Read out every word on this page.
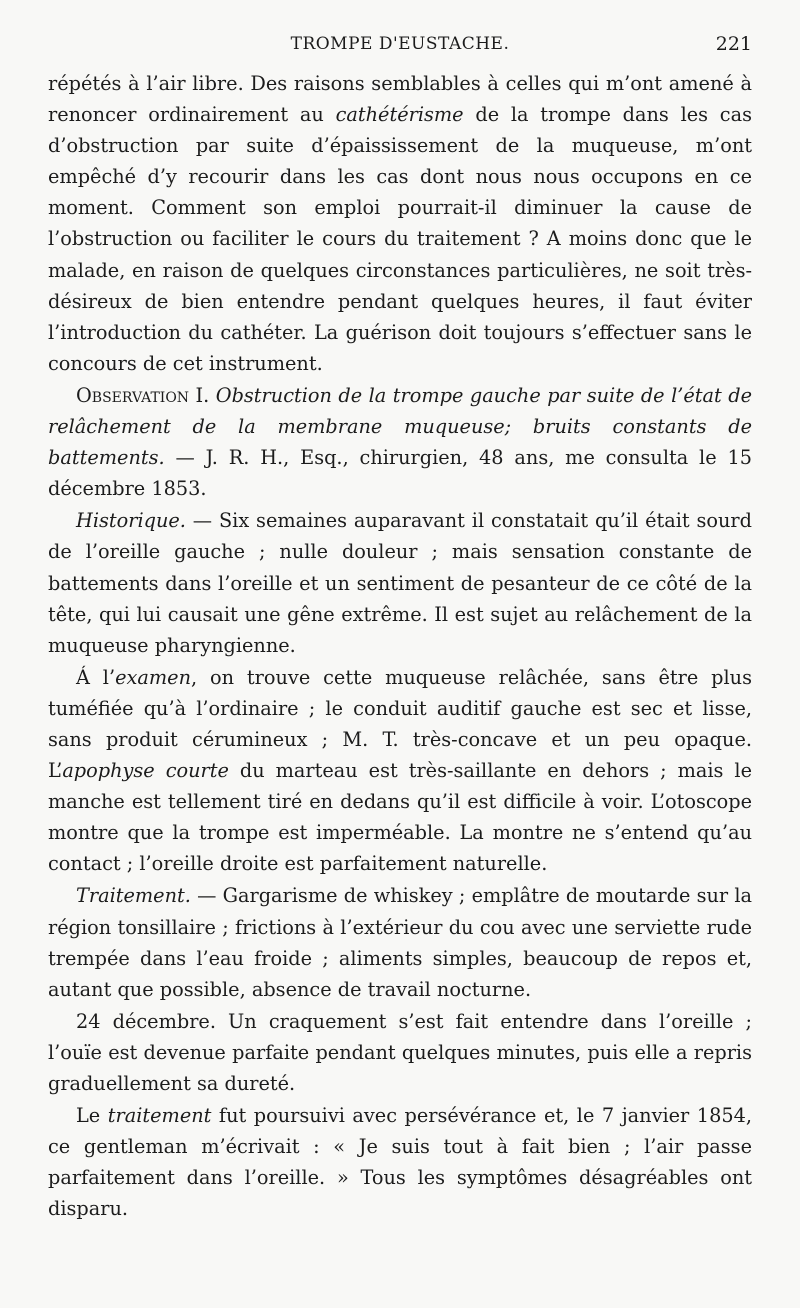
TROMPE D'EUSTACHE.	221

répétés à l’air libre. Des raisons semblables à celles qui m’ont amené à renoncer ordinairement au cathétérisme de la trompe dans les cas d’obstruction par suite d’épaississement de la muqueuse, m’ont empêché d’y recourir dans les cas dont nous nous occupons en ce moment. Comment son emploi pourrait-il diminuer la cause de l’obstruction ou faciliter le cours du traitement ? A moins donc que le malade, en raison de quelques circonstances particulières, ne soit très-désireux de bien entendre pendant quelques heures, il faut éviter l’introduction du cathéter. La guérison doit toujours s’effectuer sans le concours de cet instrument.

Observation I. Obstruction de la trompe gauche par suite de l’état de relâchement de la membrane muqueuse; bruits constants de battements. — J. R. H., Esq., chirurgien, 48 ans, me consulta le 15 décembre 1853.

Historique. — Six semaines auparavant il constatait qu’il était sourd de l’oreille gauche ; nulle douleur ; mais sensation constante de battements dans l’oreille et un sentiment de pesanteur de ce côté de la tête, qui lui causait une gêne extrême. Il est sujet au relâchement de la muqueuse pharyngienne.

Á l’examen, on trouve cette muqueuse relâchée, sans être plus tuméfiée qu’à l’ordinaire ; le conduit auditif gauche est sec et lisse, sans produit cérumineux ; M. T. très-concave et un peu opaque. L’apophyse courte du marteau est très-saillante en dehors ; mais le manche est tellement tiré en dedans qu’il est difficile à voir. L’otoscope montre que la trompe est imperméable. La montre ne s’entend qu’au contact ; l’oreille droite est parfaitement naturelle.

Traitement. — Gargarisme de whiskey ; emplâtre de moutarde sur la région tonsillaire ; frictions à l’extérieur du cou avec une serviette rude trempée dans l’eau froide ; aliments simples, beaucoup de repos et, autant que possible, absence de travail nocturne.

24 décembre. Un craquement s’est fait entendre dans l’oreille ; l’ouïe est devenue parfaite pendant quelques minutes, puis elle a repris graduellement sa dureté.

Le traitement fut poursuivi avec persévérance et, le 7 janvier 1854, ce gentleman m’écrivait : « Je suis tout à fait bien ; l’air passe parfaitement dans l’oreille. » Tous les symptômes désagréables ont disparu.
